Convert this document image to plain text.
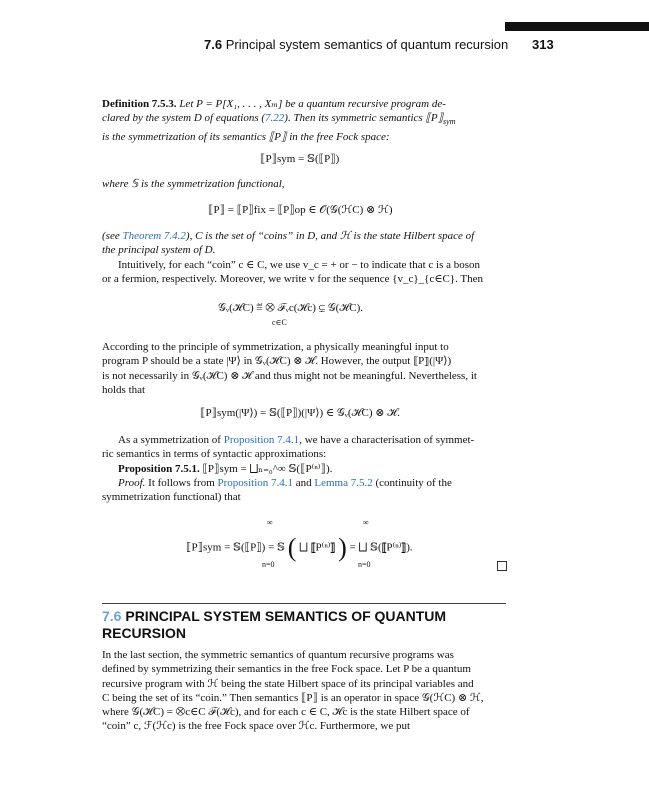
7.6 Principal system semantics of quantum recursion 313
Definition 7.5.3. Let P = P[X₁, . . . , Xₘ] be a quantum recursive program de-
clared by the system D of equations (7.22). Then its symmetric semantics $⟦P⟧_{sym}$
is the symmetrization of its semantics ⟦P⟧ in the free Fock space:
⟦P⟧sym = 𝕊(⟦P⟧)
where 𝕊 is the symmetrization functional,
⟦P⟧ = ⟦P⟧fix = ⟦P⟧op ∈ 𝒪(𝒢(ℋC) ⊗ ℋ)
(see Theorem 7.4.2), C is the set of “coins” in D, and ℋ is the state Hilbert space of
the principal system of D.
Intuitively, for each “coin” c ∈ C, we use v_c = + or − to indicate that c is a boson
or a fermion, respectively. Moreover, we write v for the sequence {v_c}_{c∈C}. Then
𝒢ᵥ(ℋC) ≝ ⨂ ℱᵥc(ℋc) ⊊ 𝒢(ℋC).
c∈C
According to the principle of symmetrization, a physically meaningful input to
program P should be a state |Ψ⟩ in 𝒢ᵥ(ℋC) ⊗ ℋ. However, the output ⟦P⟧(|Ψ⟩)
is not necessarily in 𝒢ᵥ(ℋC) ⊗ ℋ and thus might not be meaningful. Nevertheless, it
holds that
⟦P⟧sym(|Ψ⟩) = 𝕊(⟦P⟧)(|Ψ⟩) ∈ 𝒢ᵥ(ℋC) ⊗ ℋ.
As a symmetrization of Proposition 7.4.1, we have a characterisation of symmet-
ric semantics in terms of syntactic approximations:
Proposition 7.5.1. ⟦P⟧sym = ⨆ₙ₌₀^∞ 𝕊(⟦P⁽ⁿ⁾⟧).
Proof. It follows from Proposition 7.4.1 and Lemma 7.5.2 (continuity of the
symmetrization functional) that
⟦P⟧sym = 𝕊(⟦P⟧) = 𝕊 ( ⨆ ⟦P⁽ⁿ⁾⟧ ) = ⨆ 𝕊(⟦P⁽ⁿ⁾⟧).
∞
n=0
∞
n=0
7.6 PRINCIPAL SYSTEM SEMANTICS OF QUANTUM
RECURSION
In the last section, the symmetric semantics of quantum recursive programs was
defined by symmetrizing their semantics in the free Fock space. Let P be a quantum
recursive program with ℋ being the state Hilbert space of its principal variables and
C being the set of its “coin.” Then semantics ⟦P⟧ is an operator in space 𝒢(ℋC) ⊗ ℋ,
where 𝒢(ℋC) = ⨂c∈C ℱ(ℋc), and for each c ∈ C, ℋc is the state Hilbert space of
“coin” c, ℱ(ℋc) is the free Fock space over ℋc. Furthermore, we put
